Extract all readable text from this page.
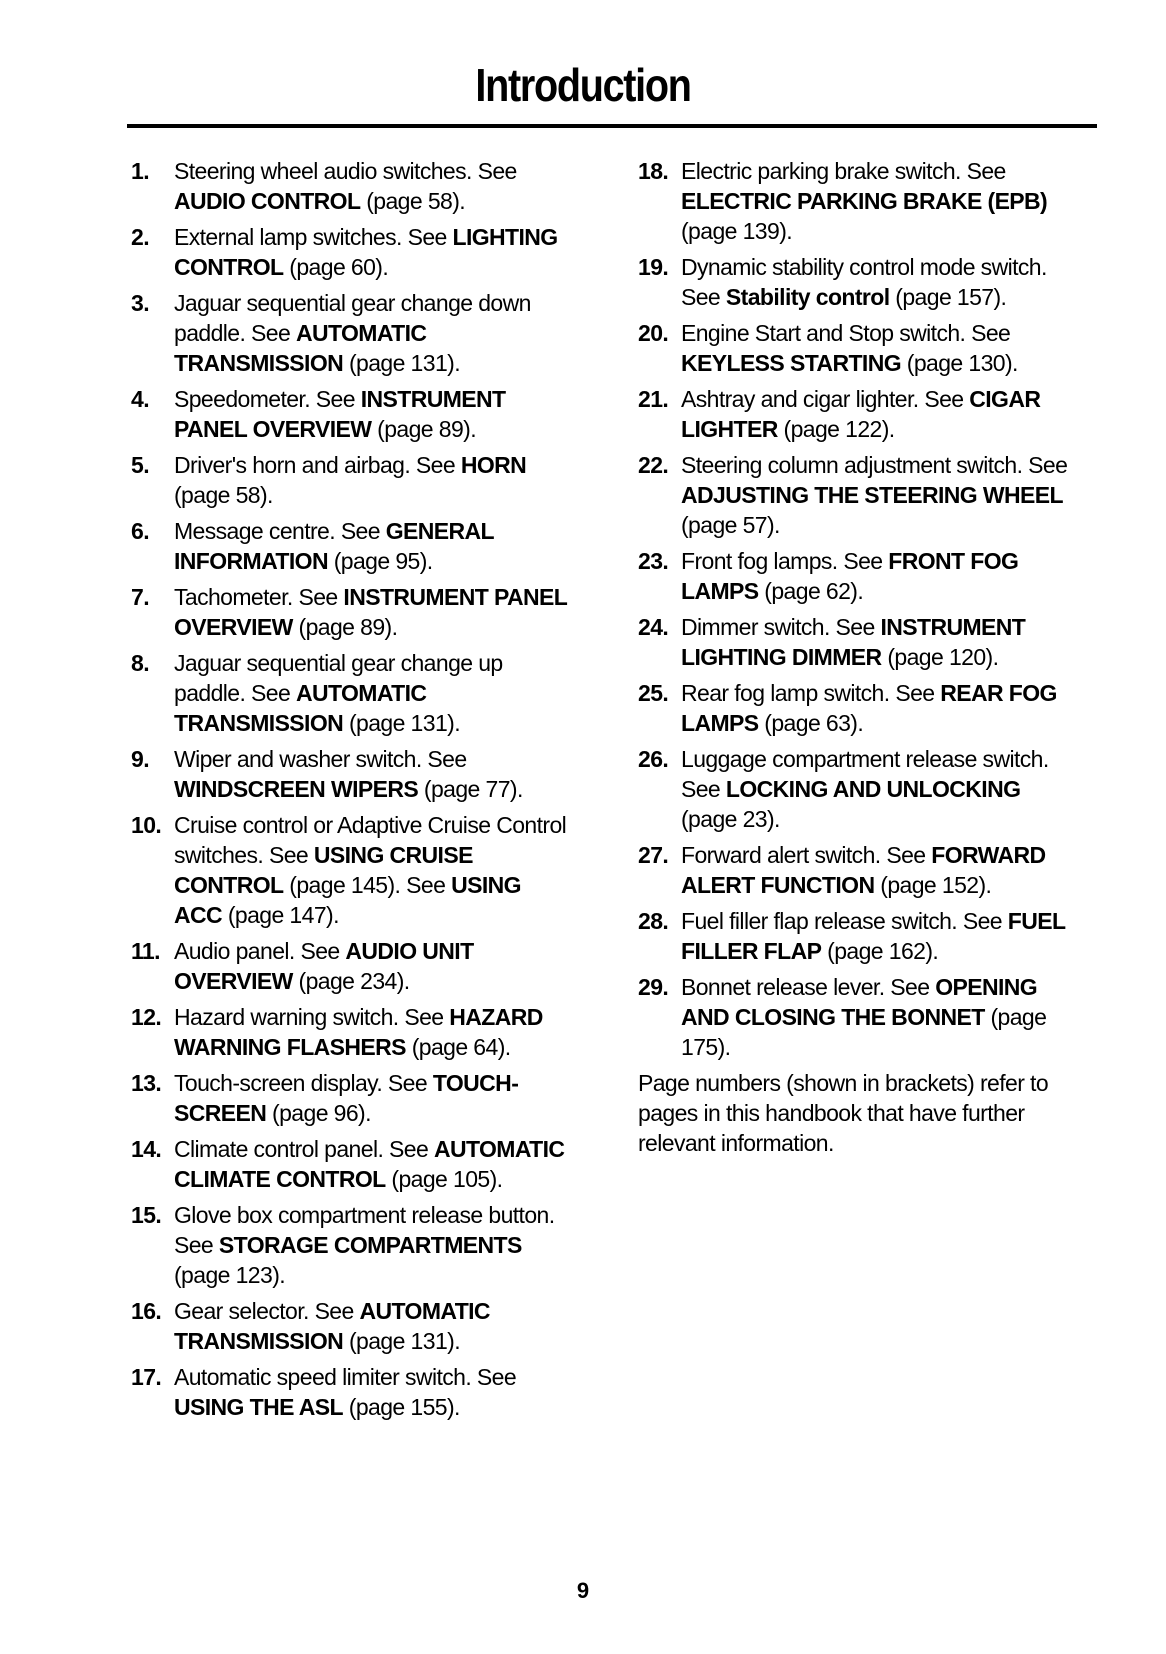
Introduction
1.	Steering wheel audio switches. See AUDIO CONTROL (page 58).
2.	External lamp switches. See LIGHTING CONTROL (page 60).
3.	Jaguar sequential gear change down paddle. See AUTOMATIC TRANSMISSION (page 131).
4.	Speedometer. See INSTRUMENT PANEL OVERVIEW (page 89).
5.	Driver's horn and airbag. See HORN (page 58).
6.	Message centre. See GENERAL INFORMATION (page 95).
7.	Tachometer. See INSTRUMENT PANEL OVERVIEW (page 89).
8.	Jaguar sequential gear change up paddle. See AUTOMATIC TRANSMISSION (page 131).
9.	Wiper and washer switch. See WINDSCREEN WIPERS (page 77).
10. Cruise control or Adaptive Cruise Control switches. See USING CRUISE CONTROL (page 145). See USING ACC (page 147).
11. Audio panel. See AUDIO UNIT OVERVIEW (page 234).
12. Hazard warning switch. See HAZARD WARNING FLASHERS (page 64).
13. Touch-screen display. See TOUCH-SCREEN (page 96).
14. Climate control panel. See AUTOMATIC CLIMATE CONTROL (page 105).
15. Glove box compartment release button. See STORAGE COMPARTMENTS (page 123).
16. Gear selector. See AUTOMATIC TRANSMISSION (page 131).
17. Automatic speed limiter switch. See USING THE ASL (page 155).
18. Electric parking brake switch. See ELECTRIC PARKING BRAKE (EPB) (page 139).
19. Dynamic stability control mode switch. See Stability control (page 157).
20. Engine Start and Stop switch. See KEYLESS STARTING (page 130).
21. Ashtray and cigar lighter. See CIGAR LIGHTER (page 122).
22. Steering column adjustment switch. See ADJUSTING THE STEERING WHEEL (page 57).
23. Front fog lamps. See FRONT FOG LAMPS (page 62).
24. Dimmer switch. See INSTRUMENT LIGHTING DIMMER (page 120).
25. Rear fog lamp switch. See REAR FOG LAMPS (page 63).
26. Luggage compartment release switch. See LOCKING AND UNLOCKING (page 23).
27. Forward alert switch. See FORWARD ALERT FUNCTION (page 152).
28. Fuel filler flap release switch. See FUEL FILLER FLAP (page 162).
29. Bonnet release lever. See OPENING AND CLOSING THE BONNET (page 175).
Page numbers (shown in brackets) refer to pages in this handbook that have further relevant information.
9
